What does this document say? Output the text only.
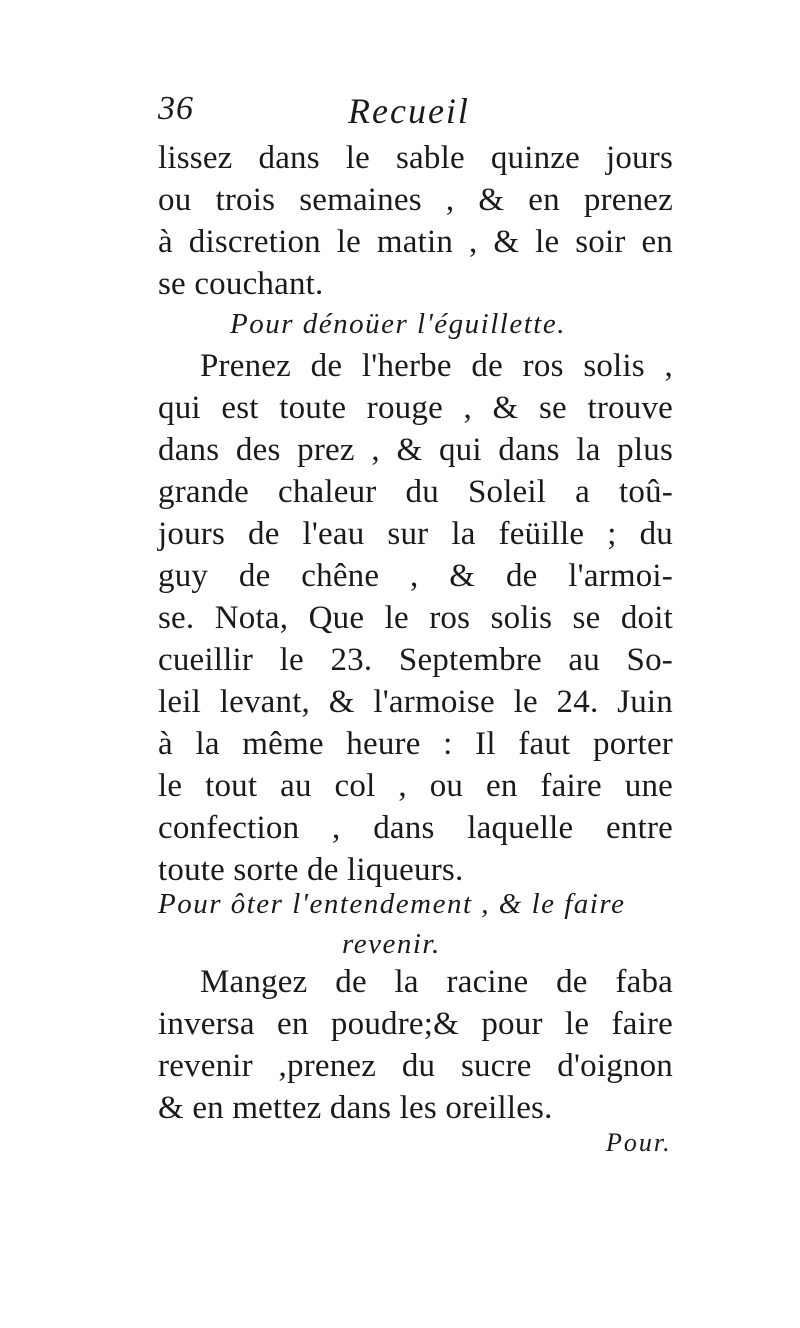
36	Recueil
lissez dans le sable quinze jours
ou trois semaines , & en prenez
à discretion le matin , & le soir en
se couchant.
Pour dénoüer l'éguillette.
Prenez de l'herbe de ros solis ,
qui est toute rouge , & se trouve
dans des prez , & qui dans la plus
grande chaleur du Soleil a toû-
jours de l'eau sur la feüille ; du
guy de chêne , & de l'armoi-
se. Nota, Que le ros solis se doit
cueillir le 23. Septembre au So-
leil levant, & l'armoise le 24. Juin
à la même heure : Il faut porter
le tout au col , ou en faire une
confection , dans laquelle entre
toute sorte de liqueurs.
Pour ôter l'entendement , & le faire
revenir.
Mangez de la racine de faba
inversa en poudre;& pour le faire
revenir ,prenez du sucre d'oignon
& en mettez dans les oreilles.
Pour.
